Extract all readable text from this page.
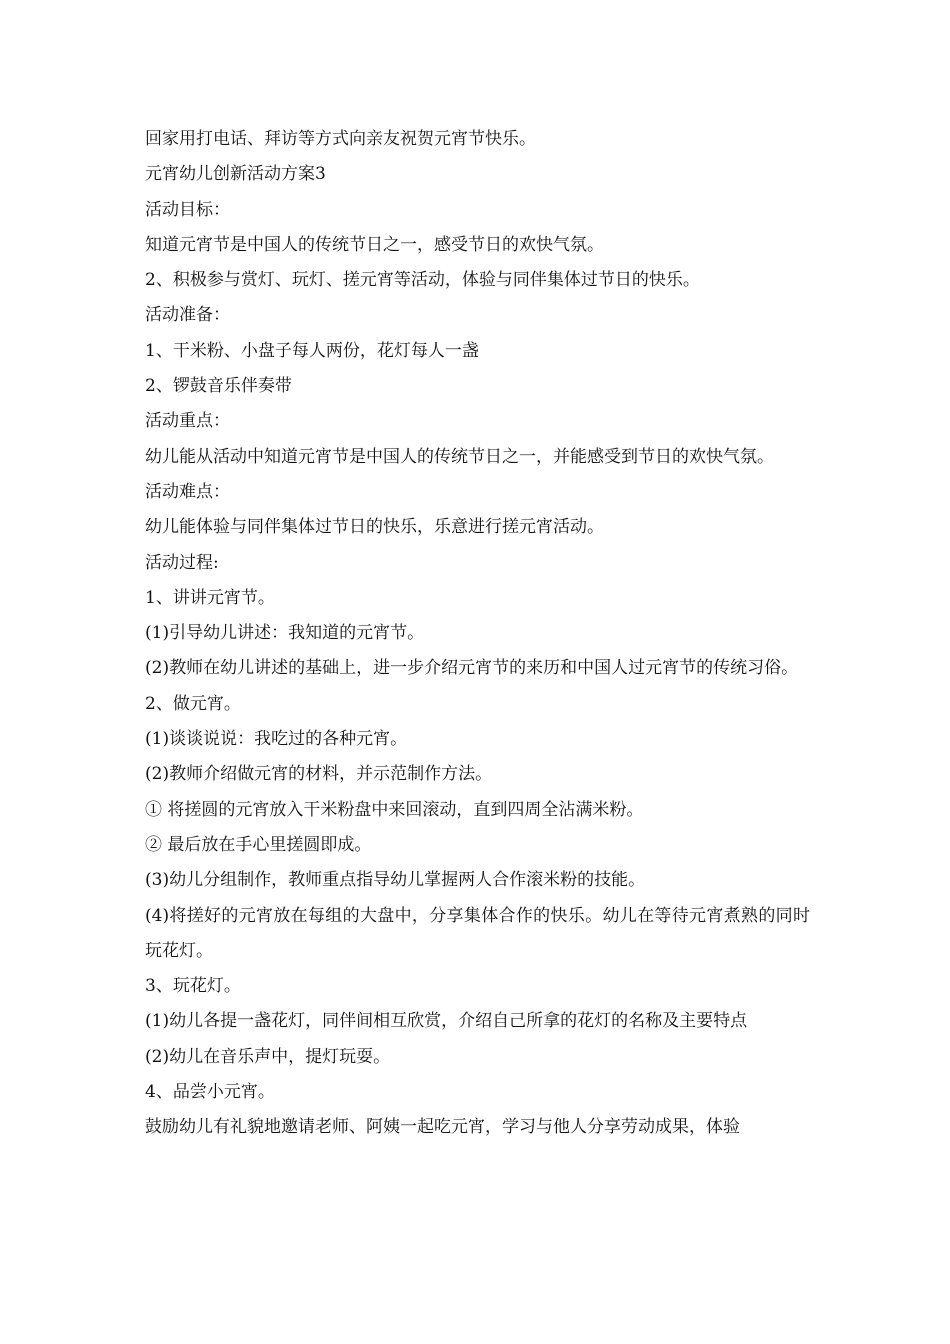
回家用打电话、拜访等方式向亲友祝贺元宵节快乐。

元宵幼儿创新活动方案3

活动目标：

知道元宵节是中国人的传统节日之一，感受节日的欢快气氛。

2、积极参与赏灯、玩灯、搓元宵等活动，体验与同伴集体过节日的快乐。

活动准备：

1、干米粉、小盘子每人两份，花灯每人一盏

2、锣鼓音乐伴奏带

活动重点：

幼儿能从活动中知道元宵节是中国人的传统节日之一，并能感受到节日的欢快气氛。

活动难点：

幼儿能体验与同伴集体过节日的快乐，乐意进行搓元宵活动。

活动过程:

1、讲讲元宵节。

(1)引导幼儿讲述：我知道的元宵节。

(2)教师在幼儿讲述的基础上，进一步介绍元宵节的来历和中国人过元宵节的传统习俗。

2、做元宵。

(1)谈谈说说：我吃过的各种元宵。

(2)教师介绍做元宵的材料，并示范制作方法。

① 将搓圆的元宵放入干米粉盘中来回滚动，直到四周全沾满米粉。

② 最后放在手心里搓圆即成。

(3)幼儿分组制作，教师重点指导幼儿掌握两人合作滚米粉的技能。

(4)将搓好的元宵放在每组的大盘中，分享集体合作的快乐。幼儿在等待元宵煮熟的同时玩花灯。

3、玩花灯。

(1)幼儿各提一盏花灯，同伴间相互欣赏，介绍自己所拿的花灯的名称及主要特点

(2)幼儿在音乐声中，提灯玩耍。

4、品尝小元宵。

鼓励幼儿有礼貌地邀请老师、阿姨一起吃元宵，学习与他人分享劳动成果，体验
